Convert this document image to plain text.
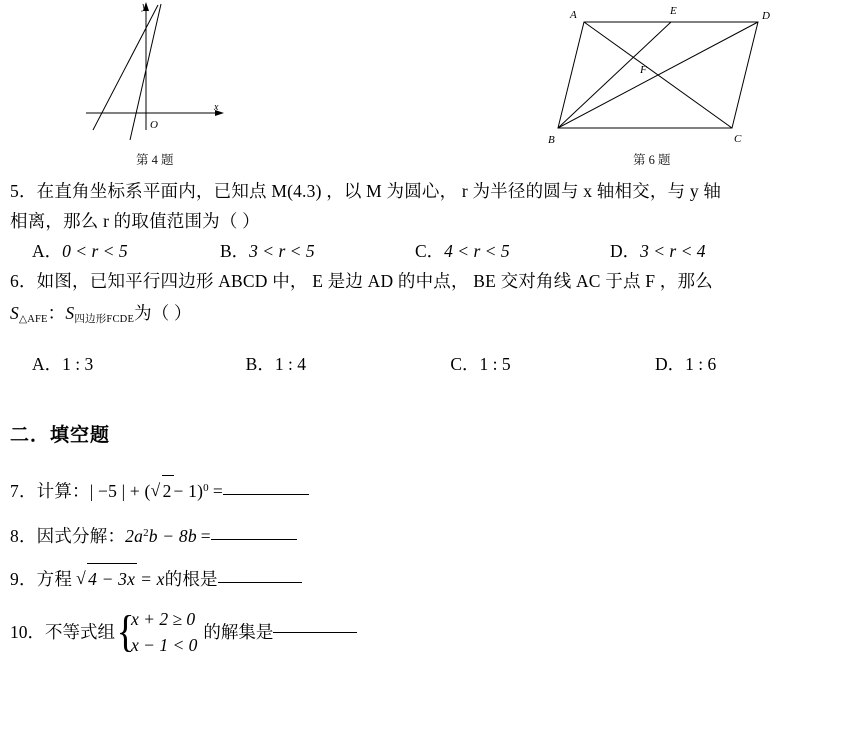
y
x
O
第 4 题
A	E	D
F
B	C
第 6 题
5．在直角坐标系平面内，已知点 M(4.3) ，以 M 为圆心， r 为半径的圆与 x 轴相交，与 y 轴
相离，那么 r 的取值范围为（ ）
A．0 < r < 5	B．3 < r < 5	C．4 < r < 5	D．3 < r < 4
6．如图，已知平行四边形 ABCD 中， E 是边 AD 的中点， BE 交对角线 AC 于点 F ，那么
S△AFE：S四边形FCDE为（ ）
A．1 : 3	B．1 : 4	C．1 : 5	D．1 : 6
二．填空题
7．计算：| −5 | + ( √ 2 − 1)$^0$ =
8．因式分解：$2a^2b - 8b$ =
9．方程 √ 4 − 3x = x的根是
10．不等式组 {
x + 2 ≥ 0
x − 1 < 0
的解集是
